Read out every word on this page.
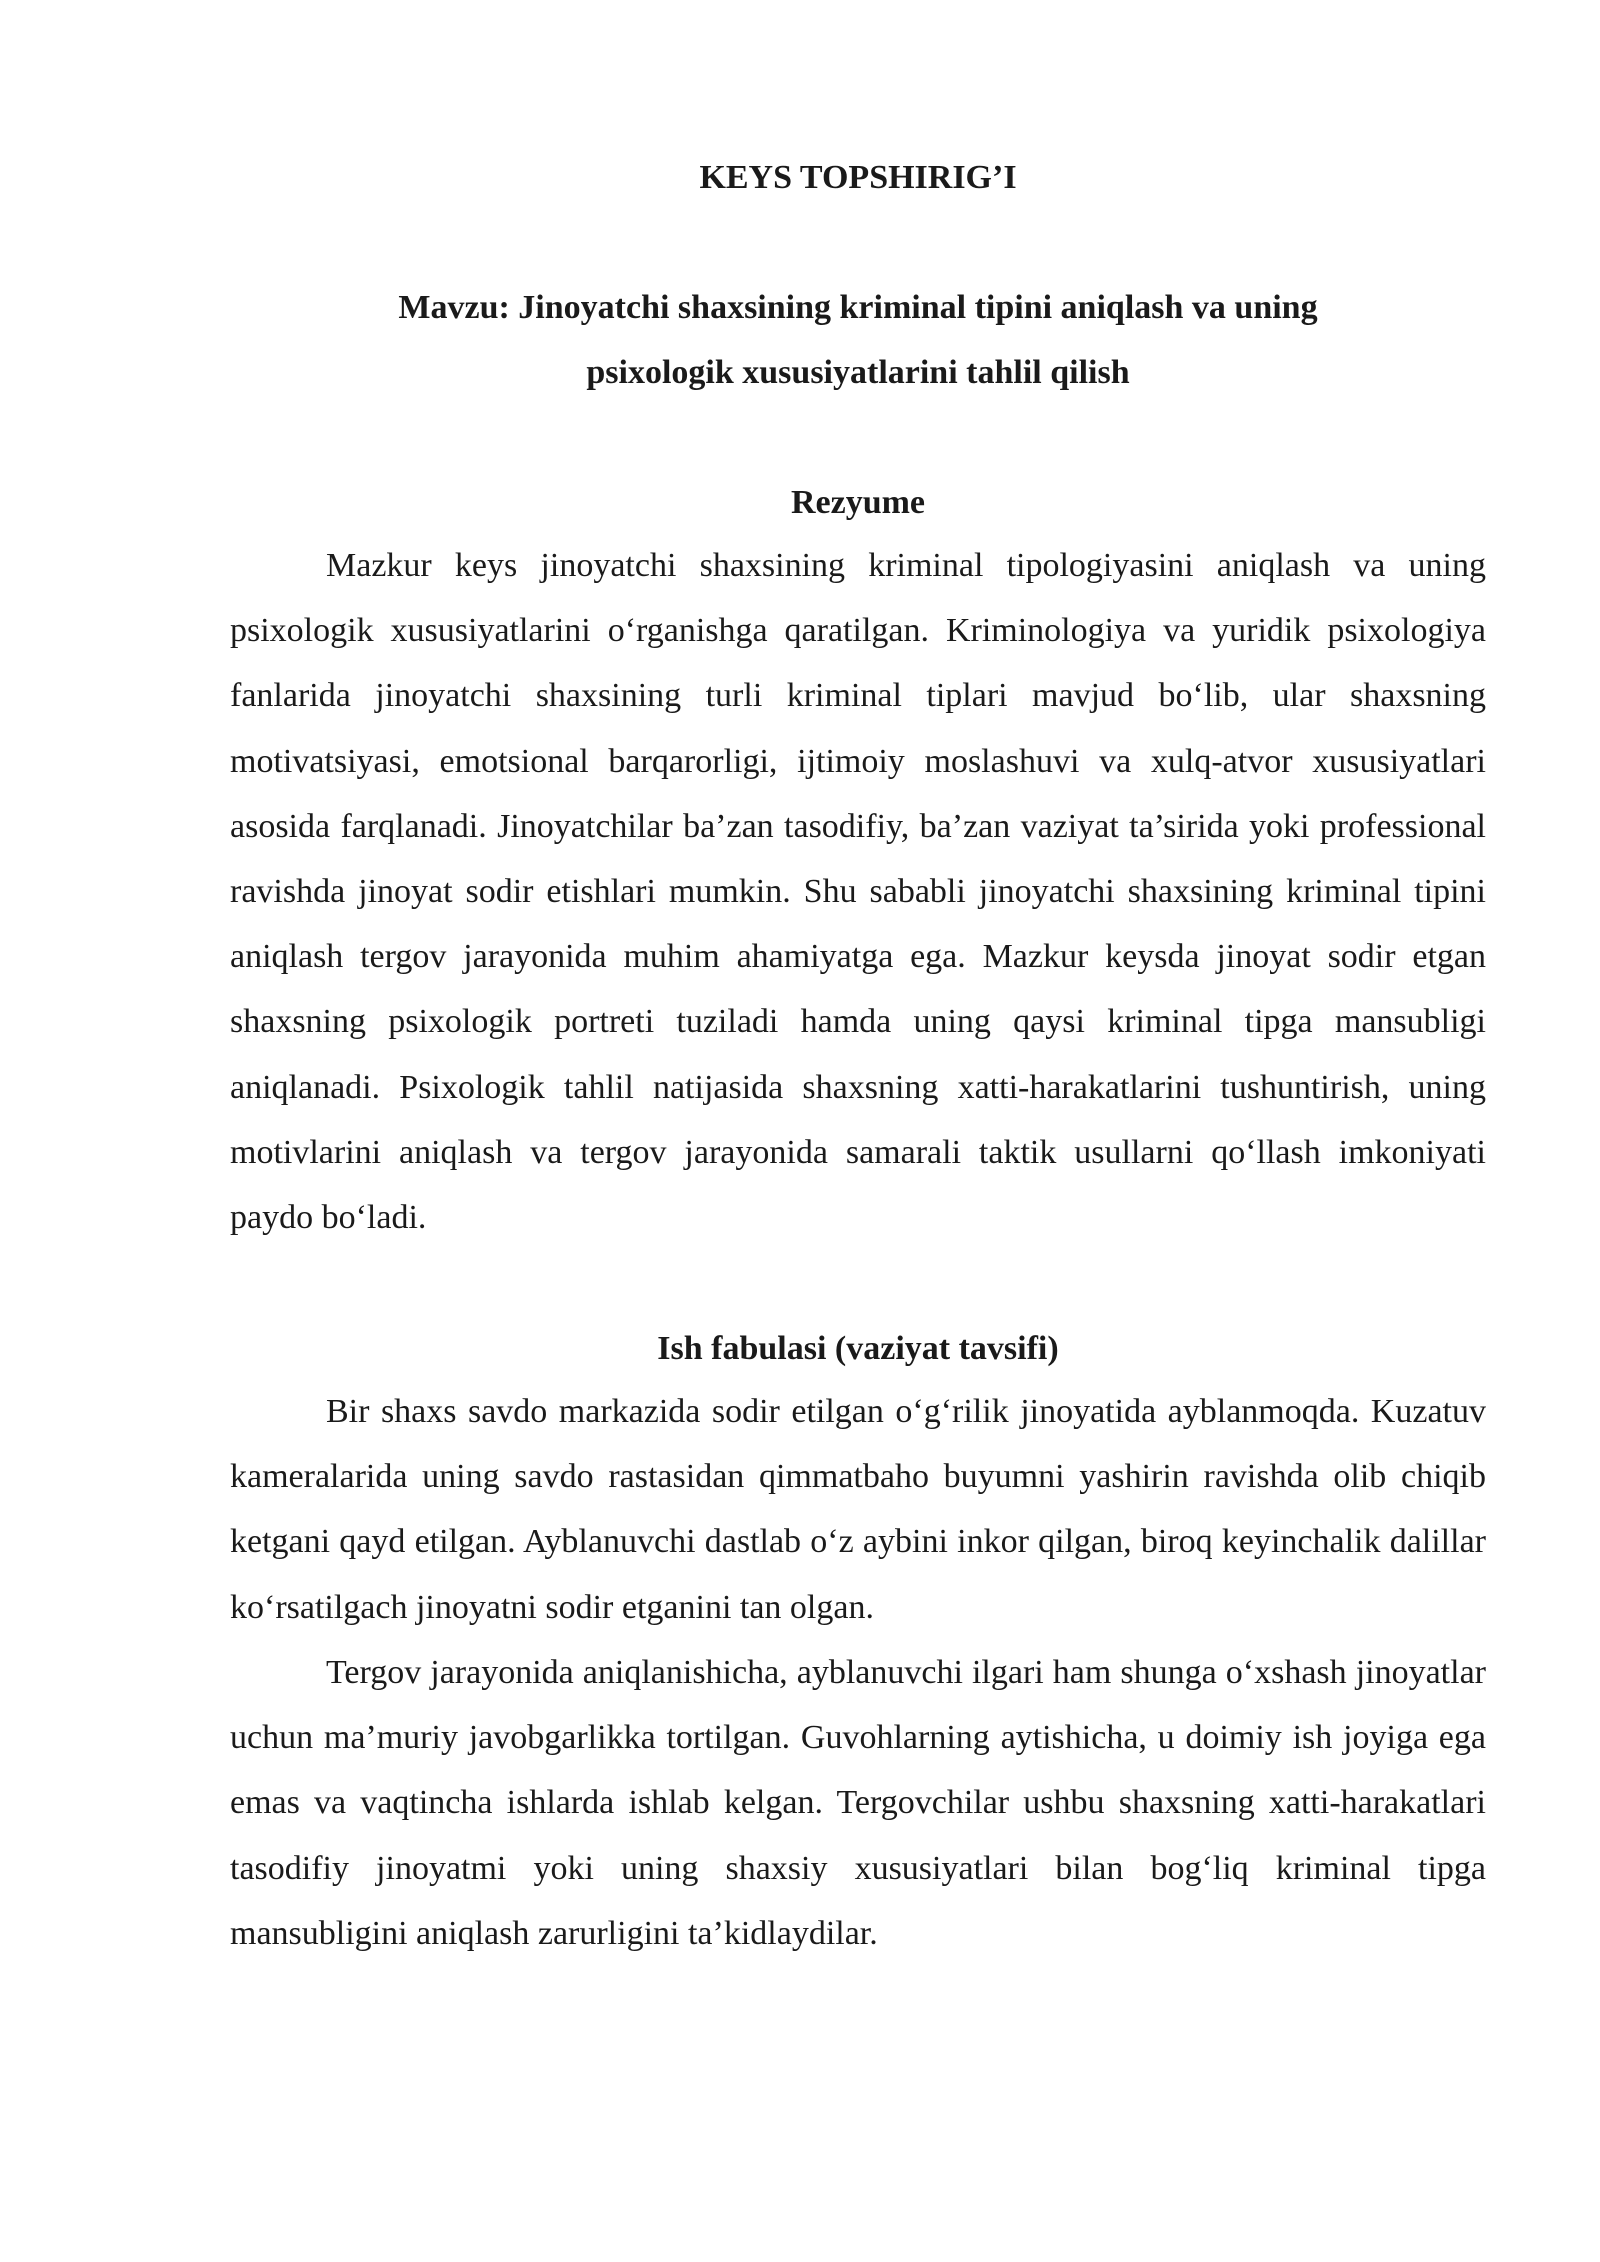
KEYS TOPSHIRIG’I
Mavzu: Jinoyatchi shaxsining kriminal tipini aniqlash va uning
psixologik xususiyatlarini tahlil qilish
Rezyume

Mazkur keys jinoyatchi shaxsining kriminal tipologiyasini aniqlash va uning psixologik xususiyatlarini o‘rganishga qaratilgan. Kriminologiya va yuridik psixologiya fanlarida jinoyatchi shaxsining turli kriminal tiplari mavjud bo‘lib, ular shaxsning motivatsiyasi, emotsional barqarorligi, ijtimoiy moslashuvi va xulq-atvor xususiyatlari asosida farqlanadi. Jinoyatchilar ba’zan tasodifiy, ba’zan vaziyat ta’sirida yoki professional ravishda jinoyat sodir etishlari mumkin. Shu sababli jinoyatchi shaxsining kriminal tipini aniqlash tergov jarayonida muhim ahamiyatga ega. Mazkur keysda jinoyat sodir etgan shaxsning psixologik portreti tuziladi hamda uning qaysi kriminal tipga mansubligi aniqlanadi. Psixologik tahlil natijasida shaxsning xatti-harakatlarini tushuntirish, uning motivlarini aniqlash va tergov jarayonida samarali taktik usullarni qo‘llash imkoniyati paydo bo‘ladi.

Ish fabulasi (vaziyat tavsifi)

Bir shaxs savdo markazida sodir etilgan o‘g‘rilik jinoyatida ayblanmoqda. Kuzatuv kameralarida uning savdo rastasidan qimmatbaho buyumni yashirin ravishda olib chiqib ketgani qayd etilgan. Ayblanuvchi dastlab o‘z aybini inkor qilgan, biroq keyinchalik dalillar ko‘rsatilgach jinoyatni sodir etganini tan olgan.

Tergov jarayonida aniqlanishicha, ayblanuvchi ilgari ham shunga o‘xshash jinoyatlar uchun ma’muriy javobgarlikka tortilgan. Guvohlarning aytishicha, u doimiy ish joyiga ega emas va vaqtincha ishlarda ishlab kelgan. Tergovchilar ushbu shaxsning xatti-harakatlari tasodifiy jinoyatmi yoki uning shaxsiy xususiyatlari bilan bog‘liq kriminal tipga mansubligini aniqlash zarurligini ta’kidlaydilar.
